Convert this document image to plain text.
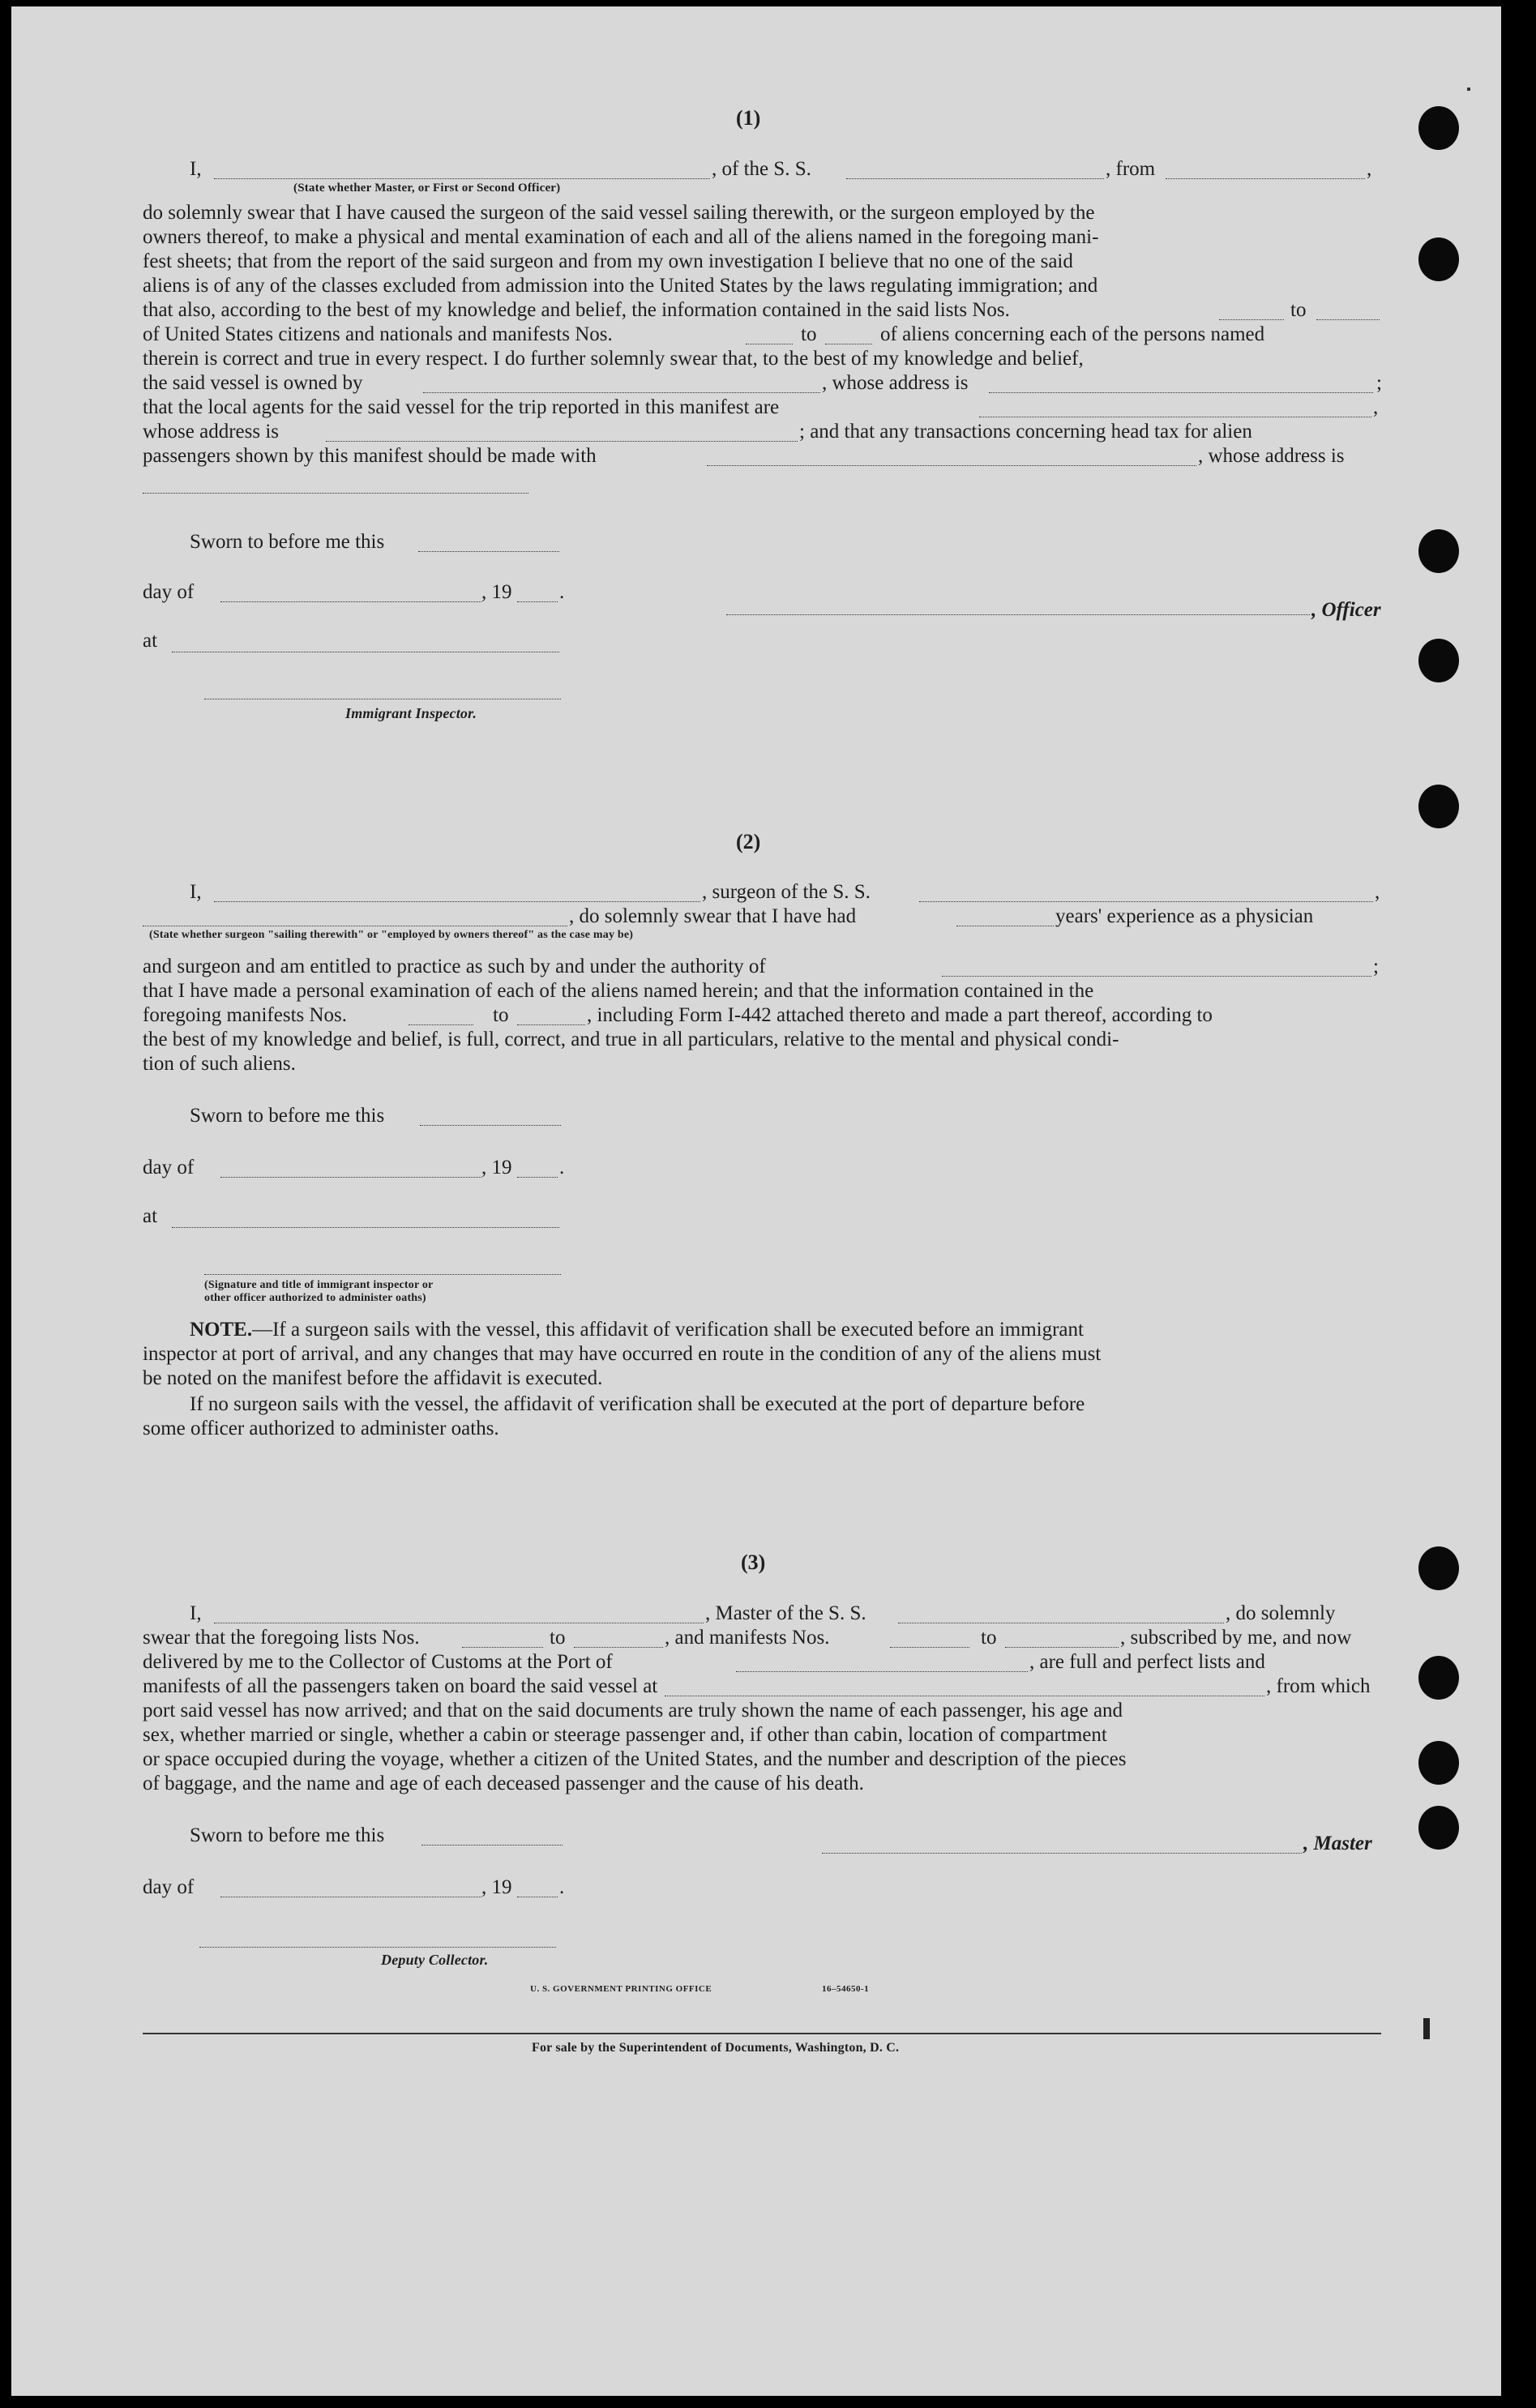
(1)
I,	, of the S. S.	, from	,
(State whether Master, or First or Second Officer)
do solemnly swear that I have caused the surgeon of the said vessel sailing therewith, or the surgeon employed by the
owners thereof, to make a physical and mental examination of each and all of the aliens named in the foregoing mani-
fest sheets; that from the report of the said surgeon and from my own investigation I believe that no one of the said
aliens is of any of the classes excluded from admission into the United States by the laws regulating immigration; and
that also, according to the best of my knowledge and belief, the information contained in the said lists Nos.	to
of United States citizens and nationals and manifests Nos.	to	of aliens concerning each of the persons named
therein is correct and true in every respect. I do further solemnly swear that, to the best of my knowledge and belief,
the said vessel is owned by	, whose address is	;
that the local agents for the said vessel for the trip reported in this manifest are	,
whose address is	; and that any transactions concerning head tax for alien
passengers shown by this manifest should be made with	, whose address is
Sworn to before me this
day of	, 19 .
, Officer
at
Immigrant Inspector.
(2)
I,	, surgeon of the S. S.	,
, do solemnly swear that I have had	years' experience as a physician
(State whether surgeon "sailing therewith" or "employed by owners thereof" as the case may be)
and surgeon and am entitled to practice as such by and under the authority of	;
that I have made a personal examination of each of the aliens named herein; and that the information contained in the
foregoing manifests Nos.	to	, including Form I-442 attached thereto and made a part thereof, according to
the best of my knowledge and belief, is full, correct, and true in all particulars, relative to the mental and physical condi-
tion of such aliens.
Sworn to before me this
day of	, 19 .
at
(Signature and title of immigrant inspector or
other officer authorized to administer oaths)
NOTE.—If a surgeon sails with the vessel, this affidavit of verification shall be executed before an immigrant
inspector at port of arrival, and any changes that may have occurred en route in the condition of any of the aliens must
be noted on the manifest before the affidavit is executed.
If no surgeon sails with the vessel, the affidavit of verification shall be executed at the port of departure before
some officer authorized to administer oaths.
(3)
I,	, Master of the S. S.	, do solemnly
swear that the foregoing lists Nos.	to	, and manifests Nos.	to	, subscribed by me, and now
delivered by me to the Collector of Customs at the Port of	, are full and perfect lists and
manifests of all the passengers taken on board the said vessel at	, from which
port said vessel has now arrived; and that on the said documents are truly shown the name of each passenger, his age and
sex, whether married or single, whether a cabin or steerage passenger and, if other than cabin, location of compartment
or space occupied during the voyage, whether a citizen of the United States, and the number and description of the pieces
of baggage, and the name and age of each deceased passenger and the cause of his death.
Sworn to before me this	, Master
day of	, 19 .
Deputy Collector.
U. S. GOVERNMENT PRINTING OFFICE	16–54650-1
For sale by the Superintendent of Documents, Washington, D. C.
